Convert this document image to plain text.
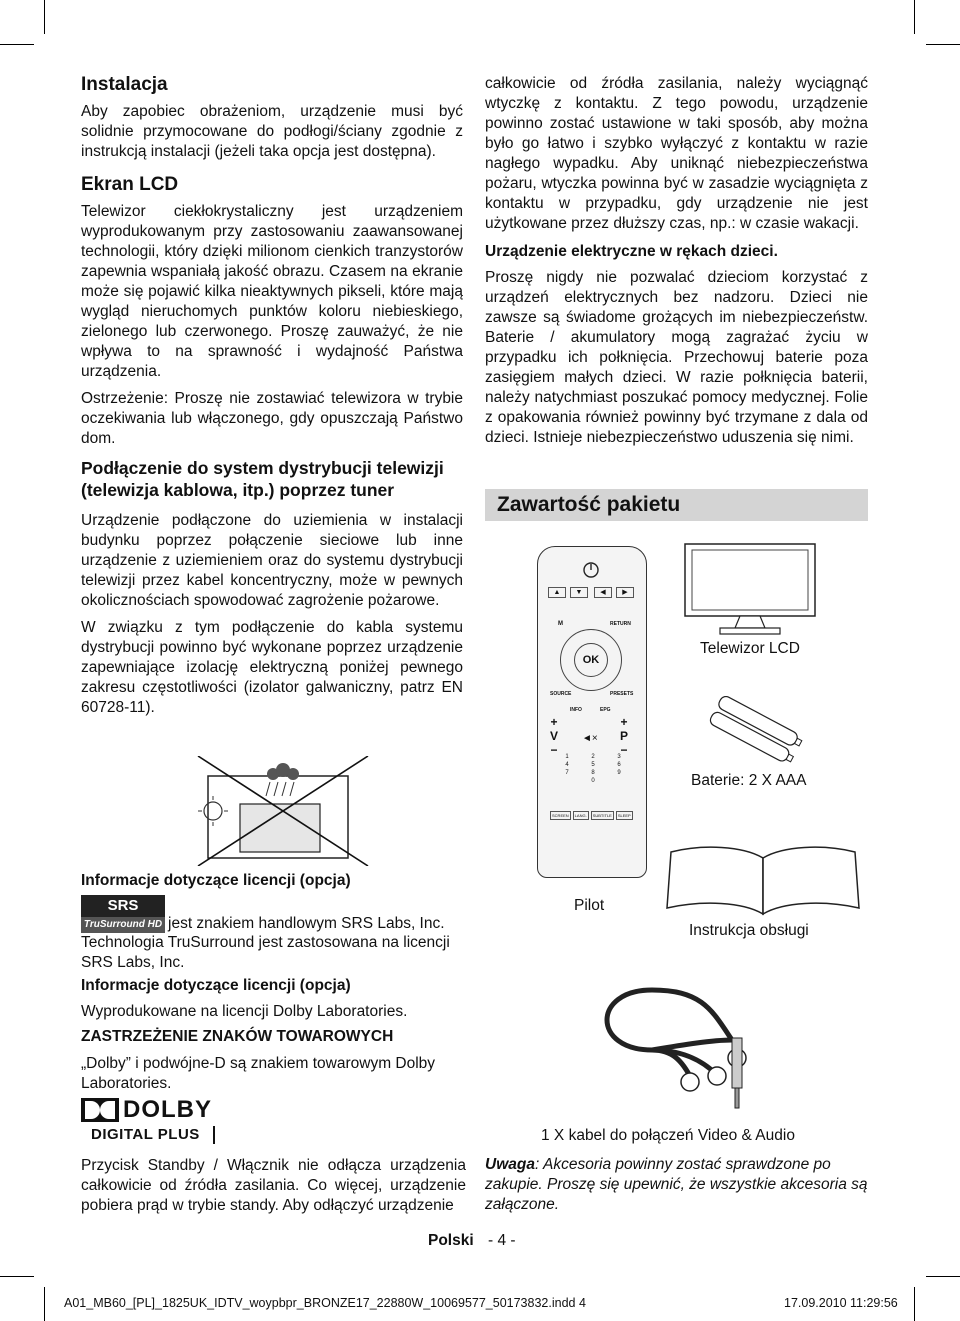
Instalacja

Aby zapobiec obrażeniom, urządzenie musi być solidnie przymocowane do podłogi/ściany zgodnie z instrukcją instalacji (jeżeli taka opcja jest dostępna).

Ekran LCD

Telewizor ciekłokrystaliczny jest urządzeniem wyprodukowanym przy zastosowaniu zaawansowanej technologii, który dzięki milionom cienkich tranzystorów zapewnia wspaniałą jakość obrazu. Czasem na ekranie może się pojawić kilka nieaktywnych pikseli, które mają wygląd nieruchomych punktów koloru niebieskiego, zielonego lub czerwonego. Proszę zauważyć, że nie wpływa to na sprawność i wydajność Państwa urządzenia.

Ostrzeżenie: Proszę nie zostawiać telewizora w trybie oczekiwania lub włączonego, gdy opuszczają Państwo dom.

Podłączenie do system dystrybucji telewizji (telewizja kablowa, itp.) poprzez tuner

Urządzenie podłączone do uziemienia w instalacji budynku poprzez połączenie sieciowe lub inne urządzenie z uziemieniem oraz do systemu dystrybucji telewizji przez kabel koncentryczny, może w pewnych okolicznościach spowodować zagrożenie pożarowe.

W związku z tym podłączenie do kabla systemu dystrybucji powinno być wykonane poprzez urządzenie zapewniające izolację elektryczną poniżej pewnego zakresu częstotliwości (izolator galwaniczny, patrz EN 60728-11).

Informacje dotyczące licencji (opcja)
SRS
TruSurround HD jest znakiem handlowym SRS Labs, Inc.
Technologia TruSurround jest zastosowana na licencji SRS Labs, Inc.
Informacje dotyczące licencji (opcja)
Wyprodukowane na licencji Dolby Laboratories.
ZASTRZEŻENIE ZNAKÓW TOWAROWYCH
„Dolby” i podwójne-D są znakiem towarowym Dolby Laboratories.
DOLBY
DIGITAL PLUS
Przycisk Standby / Włącznik nie odłącza urządzenia całkowicie od źródła zasilania. Co więcej, urządzenie pobiera prąd w trybie standy. Aby odłączyć urządzenie

całkowicie od źródła zasilania, należy wyciągnąć wtyczkę z kontaktu. Z tego powodu, urządzenie powinno zostać ustawione w taki sposób, aby można było go łatwo i szybko wyłączyć z kontaktu w razie nagłego wypadku. Aby uniknąć niebezpieczeństwa pożaru, wtyczka powinna być w zasadzie wyciągnięta z kontaktu w przypadku, gdy urządzenie nie jest użytkowane przez dłuższy czas, np.: w czasie wakacji.

Urządzenie elektryczne w rękach dzieci.

Proszę nigdy nie pozwalać dzieciom korzystać z urządzeń elektrycznych bez nadzoru. Dzieci nie zawsze są świadome grożących im niebezpieczeństw. Baterie / akumulatory mogą zagrażać życiu w przypadku ich połknięcia. Przechowuj baterie poza zasięgiem małych dzieci. W razie połknięcia baterii, należy natychmiast poszukać pomocy medycznej. Folie z opakowania również powinny być trzymane z dala od dzieci. Istnieje niebezpieczeństwo uduszenia się nimi.

Zawartość pakietu
▲	▼	◀	▶
M	RETURN
OK
SOURCE	PRESETS
INFO	EPG
+
V
−
+
P
−
◄×
1	2	3
4	5	6
7	8	9
0
SCREEN	LANG.	SUBTITLE	SLEEP
Telewizor LCD
Baterie: 2 X AAA
Pilot
Instrukcja obsługi
1 X kabel do połączeń Video & Audio
Uwaga: Akcesoria powinny zostać sprawdzone po zakupie. Proszę się upewnić, że wszystkie akcesoria są załączone.
Polski - 4 -
A01_MB60_[PL]_1825UK_IDTV_woypbpr_BRONZE17_22880W_10069577_50173832.indd 4	17.09.2010 11:29:56
